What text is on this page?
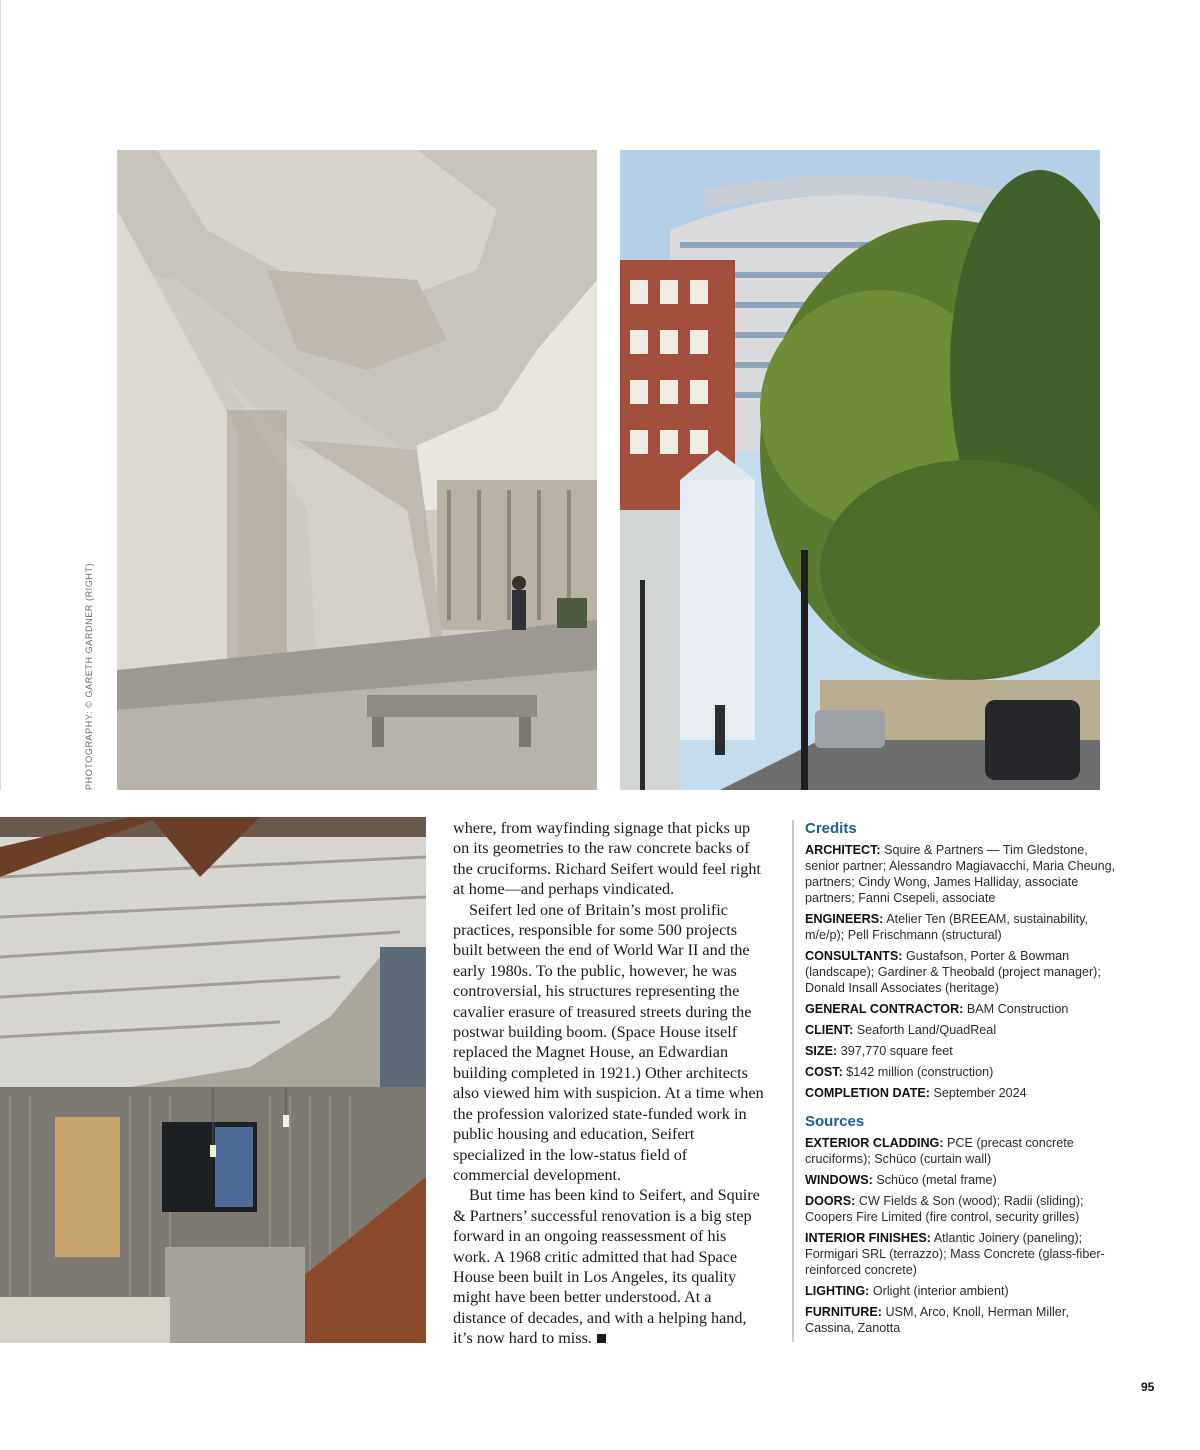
PHOTOGRAPHY: © GARETH GARDNER (RIGHT)

where, from wayfinding signage that picks up on its geometries to the raw concrete backs of the cruciforms. Richard Seifert would feel right at home—and perhaps vindicated.

Seifert led one of Britain’s most prolific practices, responsible for some 500 projects built between the end of World War II and the early 1980s. To the public, however, he was controversial, his structures representing the cavalier erasure of treasured streets during the postwar building boom. (Space House itself replaced the Magnet House, an Edwardian building completed in 1921.) Other architects also viewed him with suspicion. At a time when the profession valorized state-funded work in public housing and education, Seifert specialized in the low-status field of commercial development.

But time has been kind to Seifert, and Squire & Partners’ successful renovation is a big step forward in an ongoing reassessment of his work. A 1968 critic admitted that had Space House been built in Los Angeles, its quality might have been better understood. At a distance of decades, and with a helping hand, it’s now hard to miss.

Credits
ARCHITECT: Squire & Partners — Tim Gledstone, senior partner; Alessandro Magiavacchi, Maria Cheung, partners; Cindy Wong, James Halliday, associate partners; Fanni Csepeli, associate
ENGINEERS: Atelier Ten (BREEAM, sustainability, m/e/p); Pell Frischmann (structural)
CONSULTANTS: Gustafson, Porter & Bowman (landscape); Gardiner & Theobald (project manager); Donald Insall Associates (heritage)
GENERAL CONTRACTOR: BAM Construction
CLIENT: Seaforth Land/QuadReal
SIZE: 397,770 square feet
COST: $142 million (construction)
COMPLETION DATE: September 2024
Sources
EXTERIOR CLADDING: PCE (precast concrete cruciforms); Schüco (curtain wall)
WINDOWS: Schüco (metal frame)
DOORS: CW Fields & Son (wood); Radii (sliding); Coopers Fire Limited (fire control, security grilles)
INTERIOR FINISHES: Atlantic Joinery (paneling); Formigari SRL (terrazzo); Mass Concrete (glass-fiber-reinforced concrete)
LIGHTING: Orlight (interior ambient)
FURNITURE: USM, Arco, Knoll, Herman Miller, Cassina, Zanotta
95
